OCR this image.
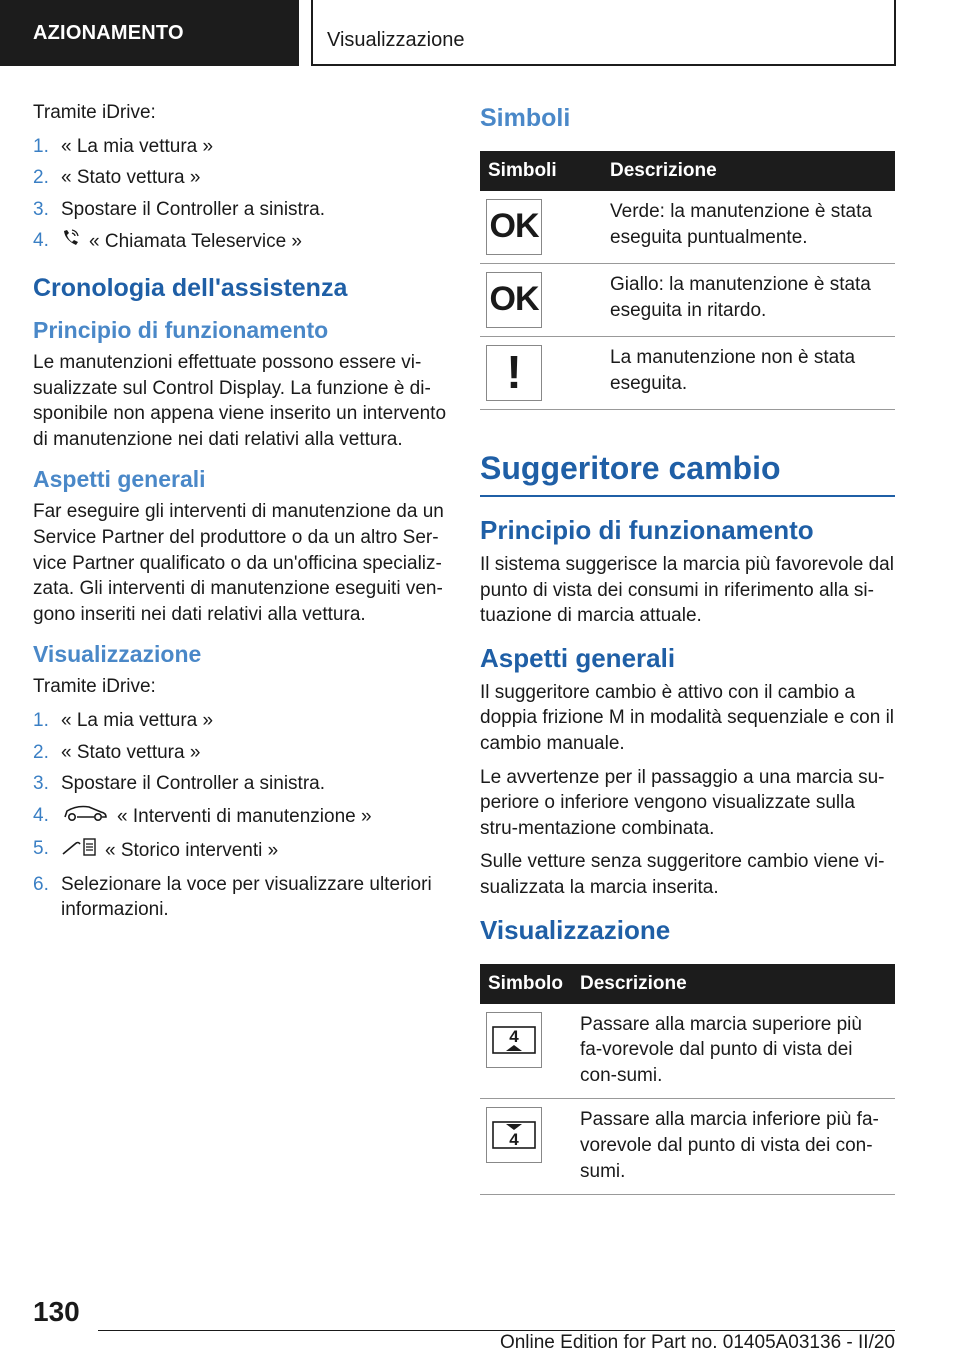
AZIONAMENTO	Visualizzazione

Tramite iDrive:

1. « La mia vettura »
2. « Stato vettura »
3. Spostare il Controller a sinistra.
4. « Chiamata Teleservice »
Cronologia dell'assistenza
Principio di funzionamento

Le manutenzioni effettuate possono essere vi-sualizzate sul Control Display. La funzione è di-sponibile non appena viene inserito un intervento di manutenzione nei dati relativi alla vettura.

Aspetti generali

Far eseguire gli interventi di manutenzione da un Service Partner del produttore o da un altro Ser-vice Partner qualificato o da un'officina specializ-zata. Gli interventi di manutenzione eseguiti ven-gono inseriti nei dati relativi alla vettura.

Visualizzazione

Tramite iDrive:

1. « La mia vettura »
2. « Stato vettura »
3. Spostare il Controller a sinistra.
4.	« Interventi di manutenzione »
5.	« Storico interventi »
6. Selezionare la voce per visualizzare ulteriori informazioni.
Simboli
Simboli	Descrizione

OK	Verde: la manutenzione è stata eseguita puntualmente.

OK	Giallo: la manutenzione è stata eseguita in ritardo.

!	La manutenzione non è stata eseguita.
Suggeritore cambio
Principio di funzionamento

Il sistema suggerisce la marcia più favorevole dal punto di vista dei consumi in riferimento alla si-tuazione di marcia attuale.

Aspetti generali

Il suggeritore cambio è attivo con il cambio a doppia frizione M in modalità sequenziale e con il cambio manuale.

Le avvertenze per il passaggio a una marcia su-periore o inferiore vengono visualizzate sulla stru-mentazione combinata.

Sulle vetture senza suggeritore cambio viene vi-sualizzata la marcia inserita.

Visualizzazione
Simbolo	Descrizione

4	Passare alla marcia superiore più fa-vorevole dal punto di vista dei con-sumi.

4	Passare alla marcia inferiore più fa-vorevole dal punto di vista dei con-sumi.
130
Online Edition for Part no. 01405A03136 - II/20
